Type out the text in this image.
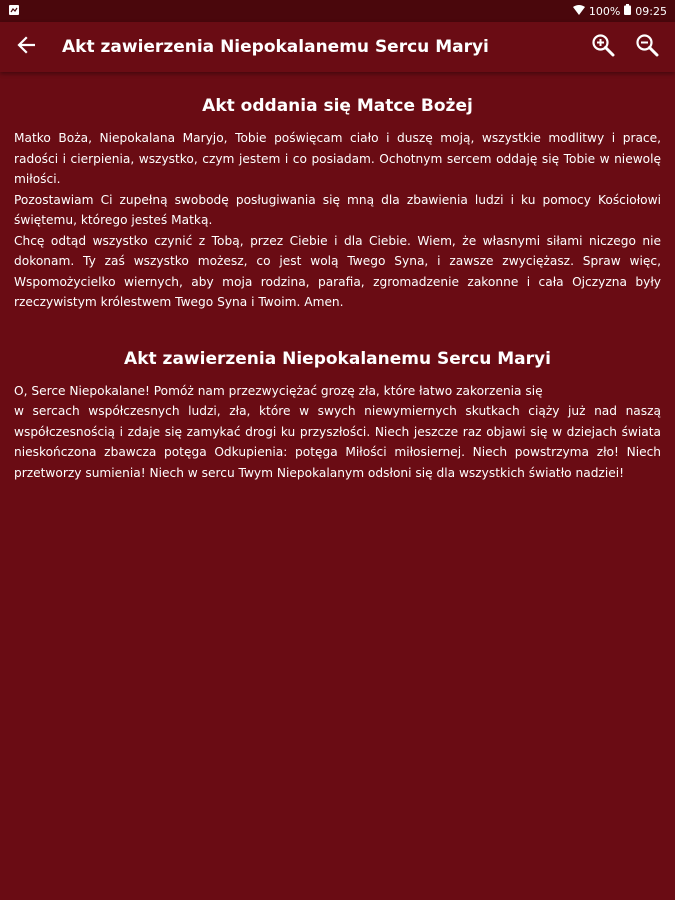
100% 09:25
Akt zawierzenia Niepokalanemu Sercu Maryi
Akt oddania się Matce Bożej

Matko Boża, Niepokalana Maryjo, Tobie poświęcam ciało i duszę moją, wszystkie modlitwy i prace, radości i cierpienia, wszystko, czym jestem i co posiadam. Ochotnym sercem oddaję się Tobie w niewolę miłości.

Pozostawiam Ci zupełną swobodę posługiwania się mną dla zbawienia ludzi i ku pomocy Kościołowi świętemu, którego jesteś Matką.

Chcę odtąd wszystko czynić z Tobą, przez Ciebie i dla Ciebie. Wiem, że własnymi siłami niczego nie dokonam. Ty zaś wszystko możesz, co jest wolą Twego Syna, i zawsze zwyciężasz. Spraw więc, Wspomożycielko wiernych, aby moja rodzina, parafia, zgromadzenie zakonne i cała Ojczyzna były rzeczywistym królestwem Twego Syna i Twoim. Amen.

Akt zawierzenia Niepokalanemu Sercu Maryi

O, Serce Niepokalane! Pomóż nam przezwyciężać grozę zła, które łatwo zakorzenia się

w sercach współczesnych ludzi, zła, które w swych niewymiernych skutkach ciąży już nad naszą współczesnością i zdaje się zamykać drogi ku przyszłości. Niech jeszcze raz objawi się w dziejach świata nieskończona zbawcza potęga Odkupienia: potęga Miłości miłosiernej. Niech powstrzyma zło! Niech przetworzy sumienia! Niech w sercu Twym Niepokalanym odsłoni się dla wszystkich światło nadziei!
